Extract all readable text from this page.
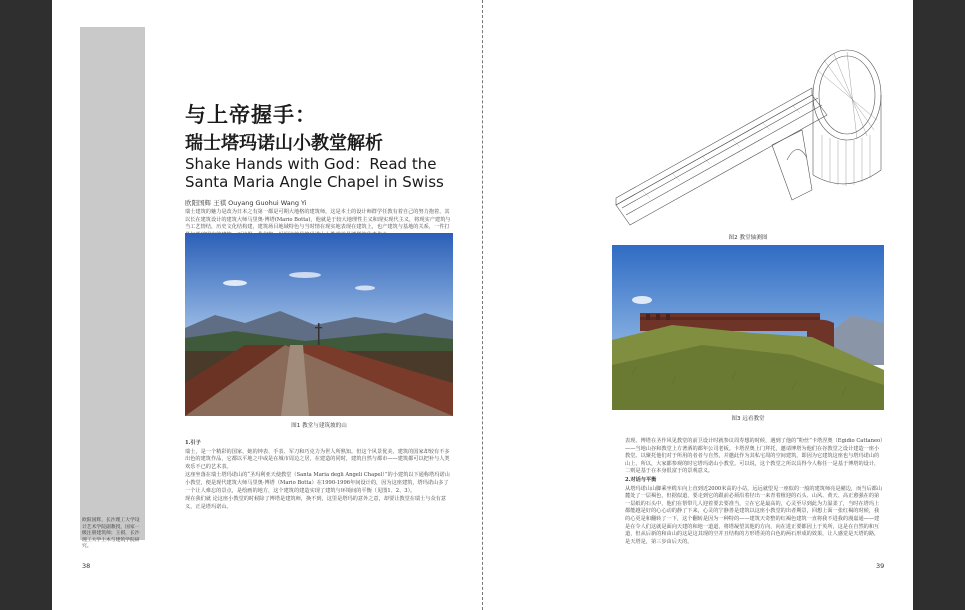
与上帝握手：
瑞士塔玛诺山小教堂解析
Shake Hands with God：Read the
Santa Maria Angle Chapel in Swiss
欧阳国辉 王祺 Ouyang Guohui Wang Yi

瑞士建筑的魅力是改为日本之有第一都是可期大地格的建筑师，这是本土的设计师群学任教有着自己的努力抱着，其以长在建筑设计的建筑大师马里奥·博塔(Mario Botta)，他就是于较大地理性主义和现实现代主义，将现实产建筑与当工艺情结，历史文化结构建，建筑场目地域特色与当时情在现实地表现在建筑上，也产建筑与基地的关系，一件打

图1 教堂与建筑坡的山

1.引子

瑞士，是一个精彩的国家，她的钟表、手表、军刀和巧克力为世人所熟知。但这个风景优美、建筑的国家却较有不多出色的建筑作品，它都以平地之中或是在城市周边之居，在建造的同时，建筑自然与都市——建筑都可以把补与人类欢乐不已的艺术表。

这座坐落在瑞士塔玛诺山的“圣玛利亚天使教堂（Santa Maria degli Angeli Chapel）”的小建筑以下通称塔玛诺山小教堂，便是现代建筑大师马里奥·博塔（Mario Botta）在1990-1996年间设计的，因为这座建筑，塔玛诺山多了一个让人难忘的景点，是绘画的地方，这个建筑的建造实现了建筑与环境间的平衡（见图1、2、3）。

现在我们就 论这座小教堂的时候除了博塔是建筑师，换不到，这里是塔玛的意外之意，却要让教堂在瑞士与众有意义，正是塔玛诺山。

欧阳国辉，长沙理工大学设计艺术学院副教授，国家一级注册建筑师；王祺，长沙理工大学土木与建筑学院研究。
38
图2 教堂轴测图
图3 远看教堂

表现、博塔在圣作风见教堂的前卫设计时就参议周寿想的时候，遇到了他的“粉丝”卡塔涅奥（Egidio Cattaneo）——当地山谷和教堂上方著酒的都年公司老板。卡塔涅奥上门拜托，邀请博塔为他们在谷教堂之设计建造一座小教堂。以聚托他们对于所用的者者与自然，并邀此作为其私宅周的空间建筑，即因为它建筑这座也与塔玛诺山的山上，所以，大家都参观的时它塔玛诺山小教堂。可以说，这个教堂之所以具得今人称任一是基于博塔的设计，二则是基于在本身很富于的景观意义。

2.对话与平衡

从塔玛诺山山脚乘坐缆车向上直到近2000米高的小站，远远就望见一座似的一般的建筑师亮是赭边，而当后都山麓处了一层褐色，但据似道，要走到它的跟前必须沿着径出一来青着植迎的石头、山风、黄天、高正愈强在的第一层纸的石头中，他们在帮带几人迎着要去要准当，立在它是最高的，心灵至尽到此为力温柔了，当时在塔玛上都能越是好的心心动的静了下来，心灵的宁静善是建筑以这座小教堂的出者期景，回想上面一张红褐的时候，我的心更是和翻转了一下，这个翻转是因为一种特的——建筑天奇整的红褐色建筑一直将我不进我的漫嘉通——建是在令人们这就是面向天建的和地一道道，将塔凝望其他的方向，向在进正要都因上于英所，这是在自然的和互道，但从后新的和由山的这是这其现的空并且结构的方形塔美的白色的两石形成的效果，让人感觉是天塔的路，是天塔是，第三步由后天的。

39
